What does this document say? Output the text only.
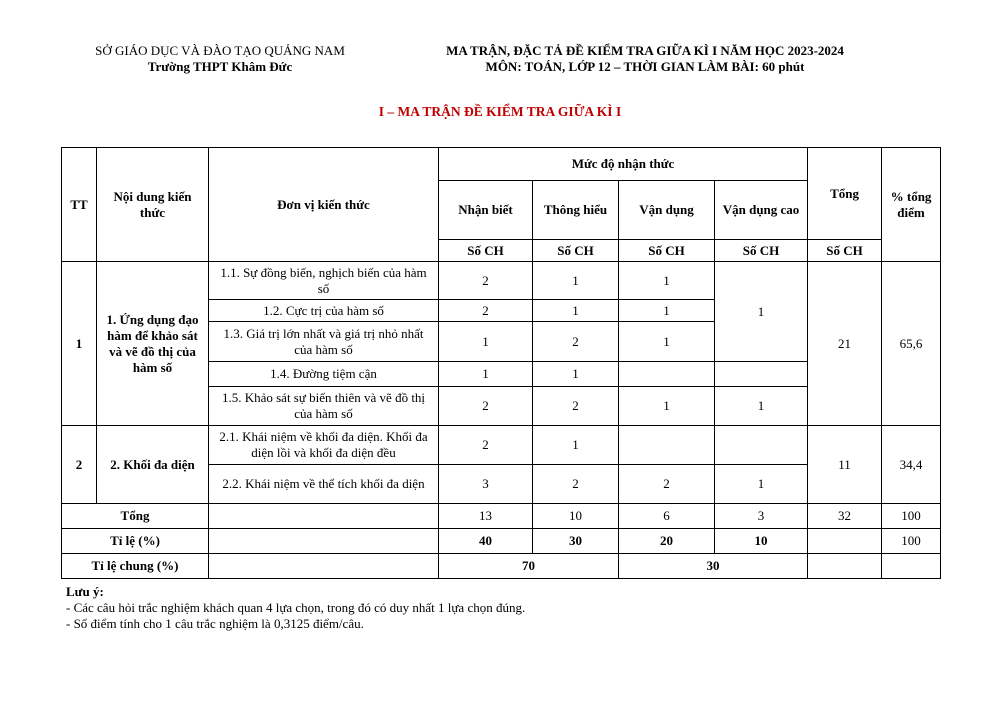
SỞ GIÁO DỤC VÀ ĐÀO TẠO QUẢNG NAM
Trường THPT Khâm Đức
MA TRẬN, ĐẶC TẢ ĐỀ KIỂM TRA GIỮA KÌ I NĂM HỌC 2023-2024
MÔN: TOÁN, LỚP 12 – THỜI GIAN LÀM BÀI: 60 phút
I – MA TRẬN ĐỀ KIỂM TRA GIỮA KÌ I
TT	Nội dung kiến thức	Đơn vị kiến thức	Mức độ nhận thức				Tổng	% tổng điểm
			Nhận biết	Thông hiểu	Vận dụng	Vận dụng cao		
			Số CH	Số CH	Số CH	Số CH	Số CH	
1	1. Ứng dụng đạo hàm để khảo sát và vẽ đồ thị của hàm số	1.1. Sự đồng biến, nghịch biến của hàm số	2	1	1	1	21	65,6
		1.2. Cực trị của hàm số	2	1	1			
		1.3. Giá trị lớn nhất và giá trị nhỏ nhất của hàm số	1	2	1			
		1.4. Đường tiệm cận	1	1				
		1.5. Khảo sát sự biến thiên và vẽ đồ thị của hàm số	2	2	1	1		
2	2. Khối đa diện	2.1. Khái niệm về khối đa diện. Khối đa diện lồi và khối đa diện đều	2	1			11	34,4
		2.2. Khái niệm về thể tích khối đa diện	3	2	2	1		
Tổng			13	10	6	3	32	100
Tỉ lệ (%)			40	30	20	10		100
Tỉ lệ chung (%)			70		30			
Lưu ý:
- Các câu hỏi trắc nghiệm khách quan 4 lựa chọn, trong đó có duy nhất 1 lựa chọn đúng.
- Số điểm tính cho 1 câu trắc nghiệm là 0,3125 điểm/câu.
